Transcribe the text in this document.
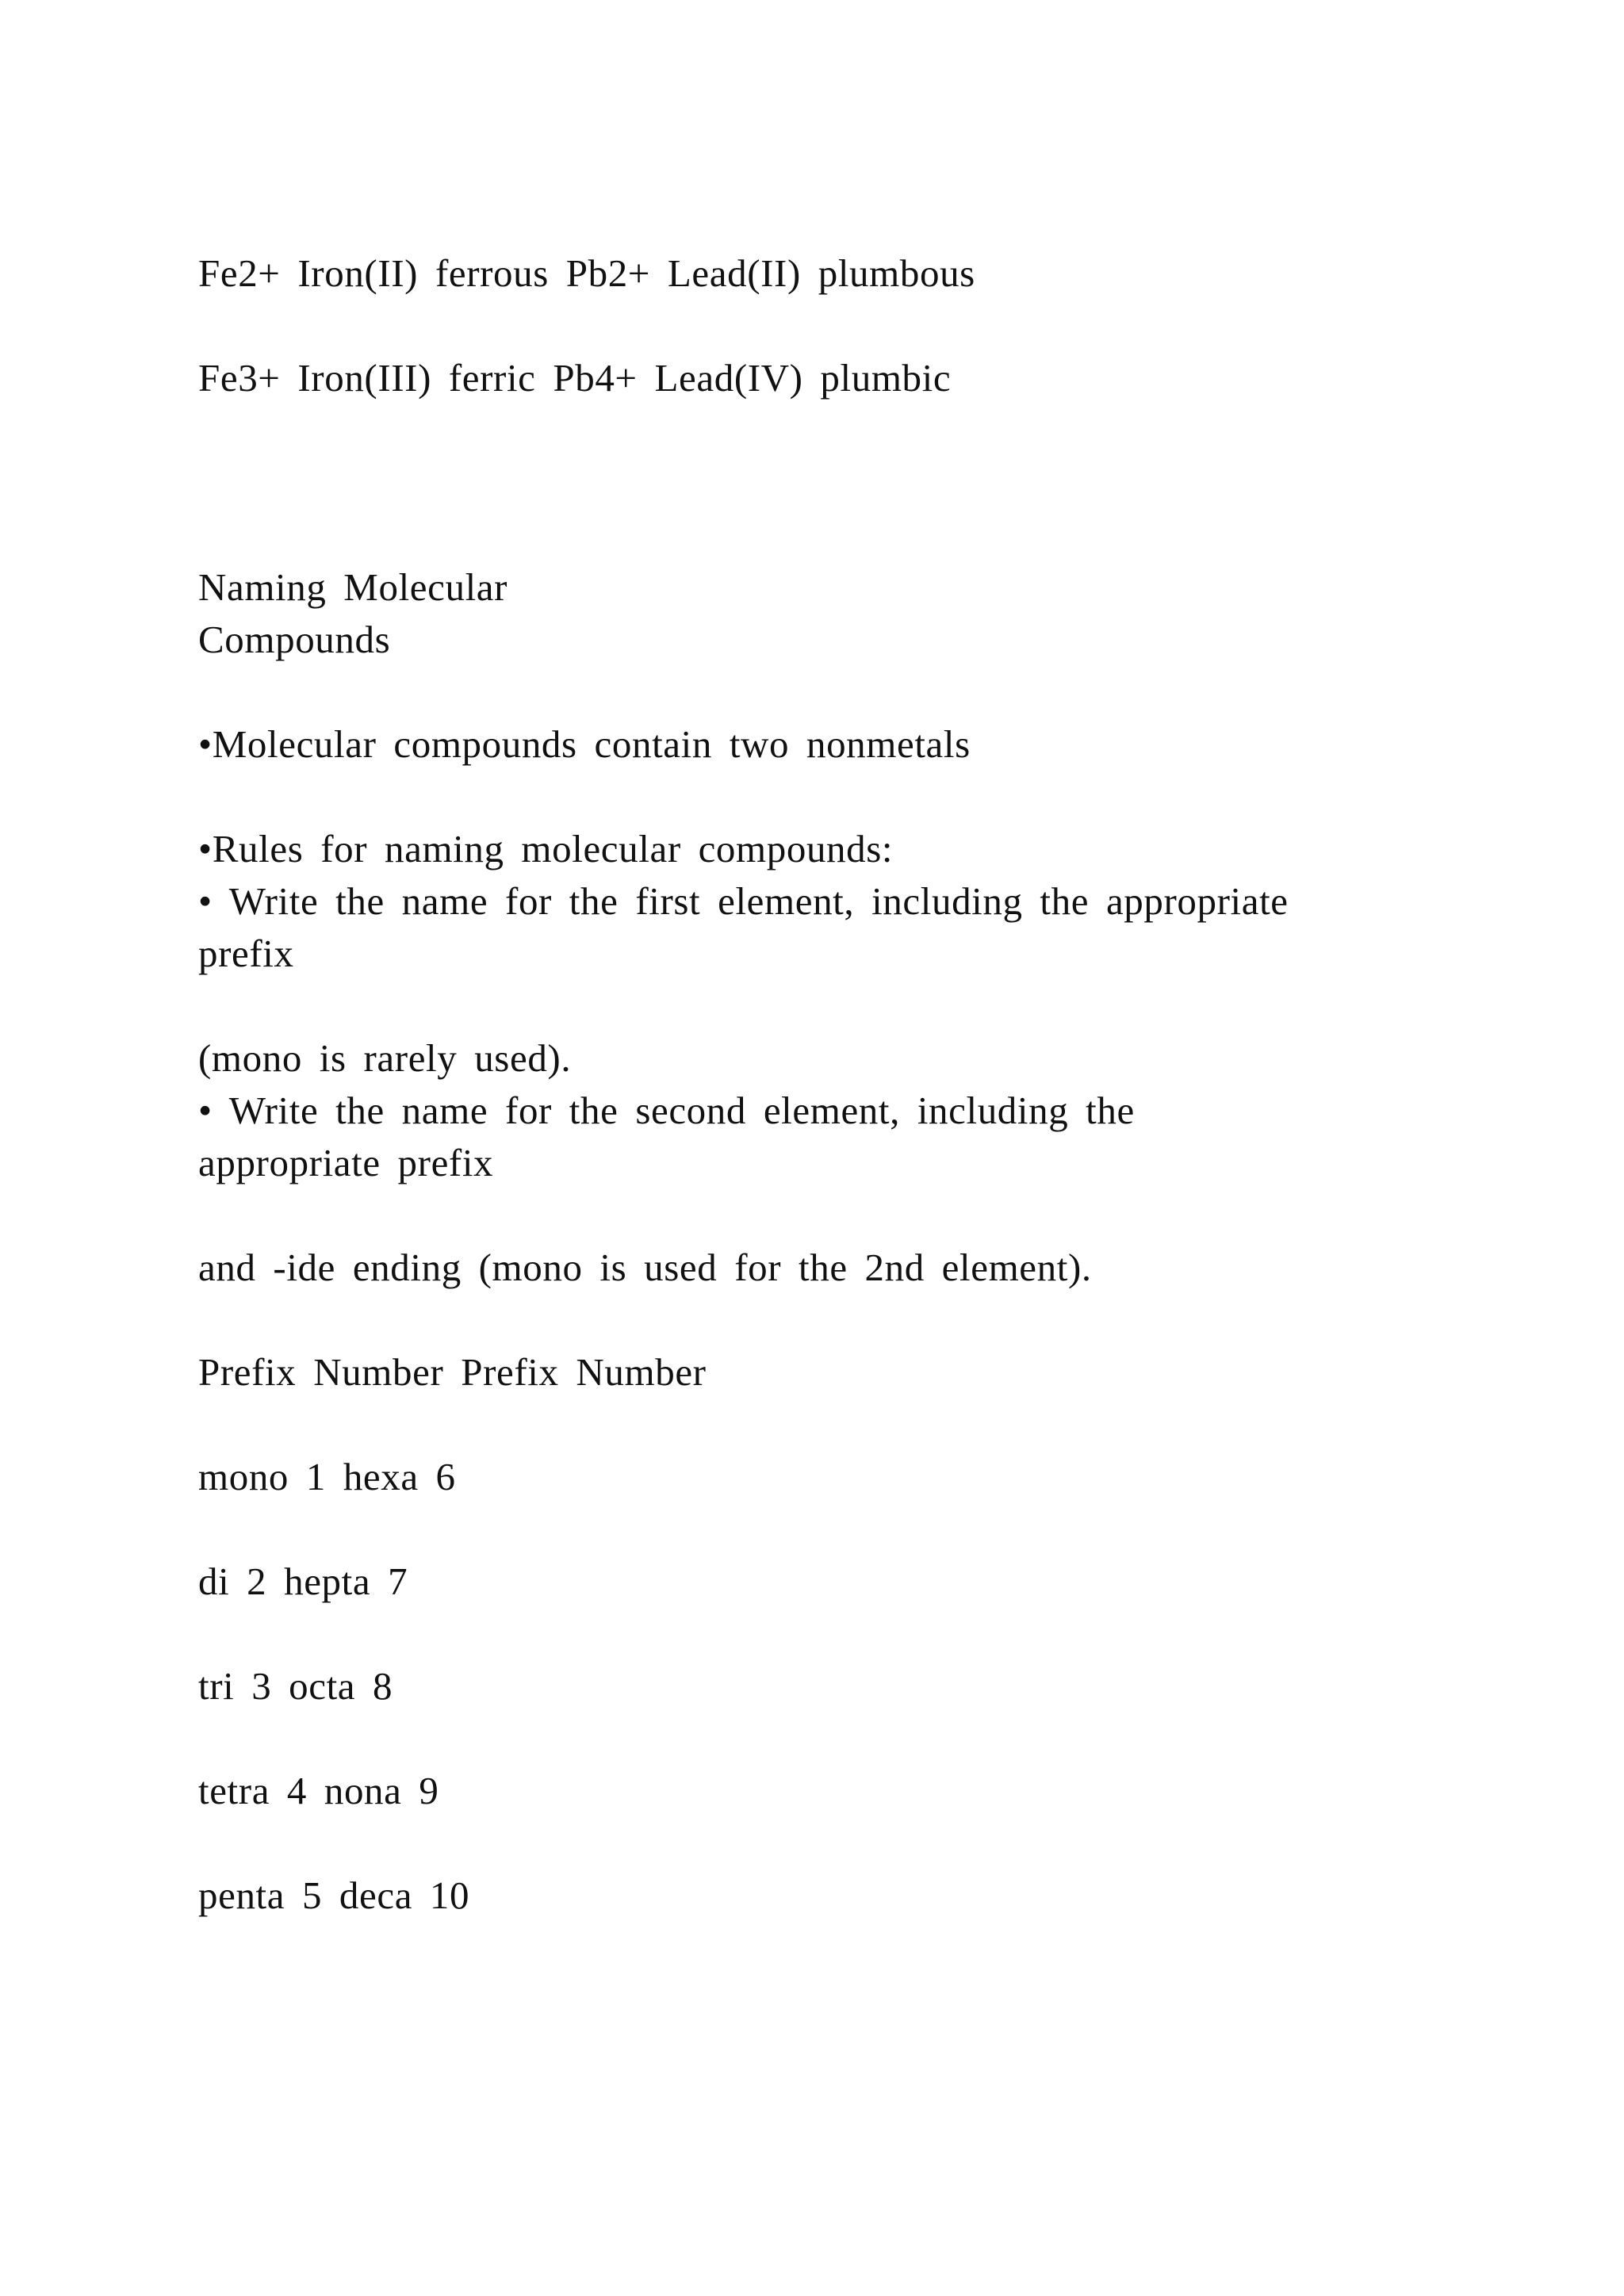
Fe2+ Iron(II) ferrous Pb2+ Lead(II) plumbous

Fe3+ Iron(III) ferric Pb4+ Lead(IV) plumbic

Naming Molecular
Compounds

•Molecular compounds contain two nonmetals

•Rules for naming molecular compounds:

• Write the name for the first element, including the appropriate

prefix

(mono is rarely used).

• Write the name for the second element, including the

appropriate prefix

and -ide ending (mono is used for the 2nd element).

Prefix Number Prefix Number

mono 1 hexa 6

di 2 hepta 7

tri 3 octa 8

tetra 4 nona 9

penta 5 deca 10
